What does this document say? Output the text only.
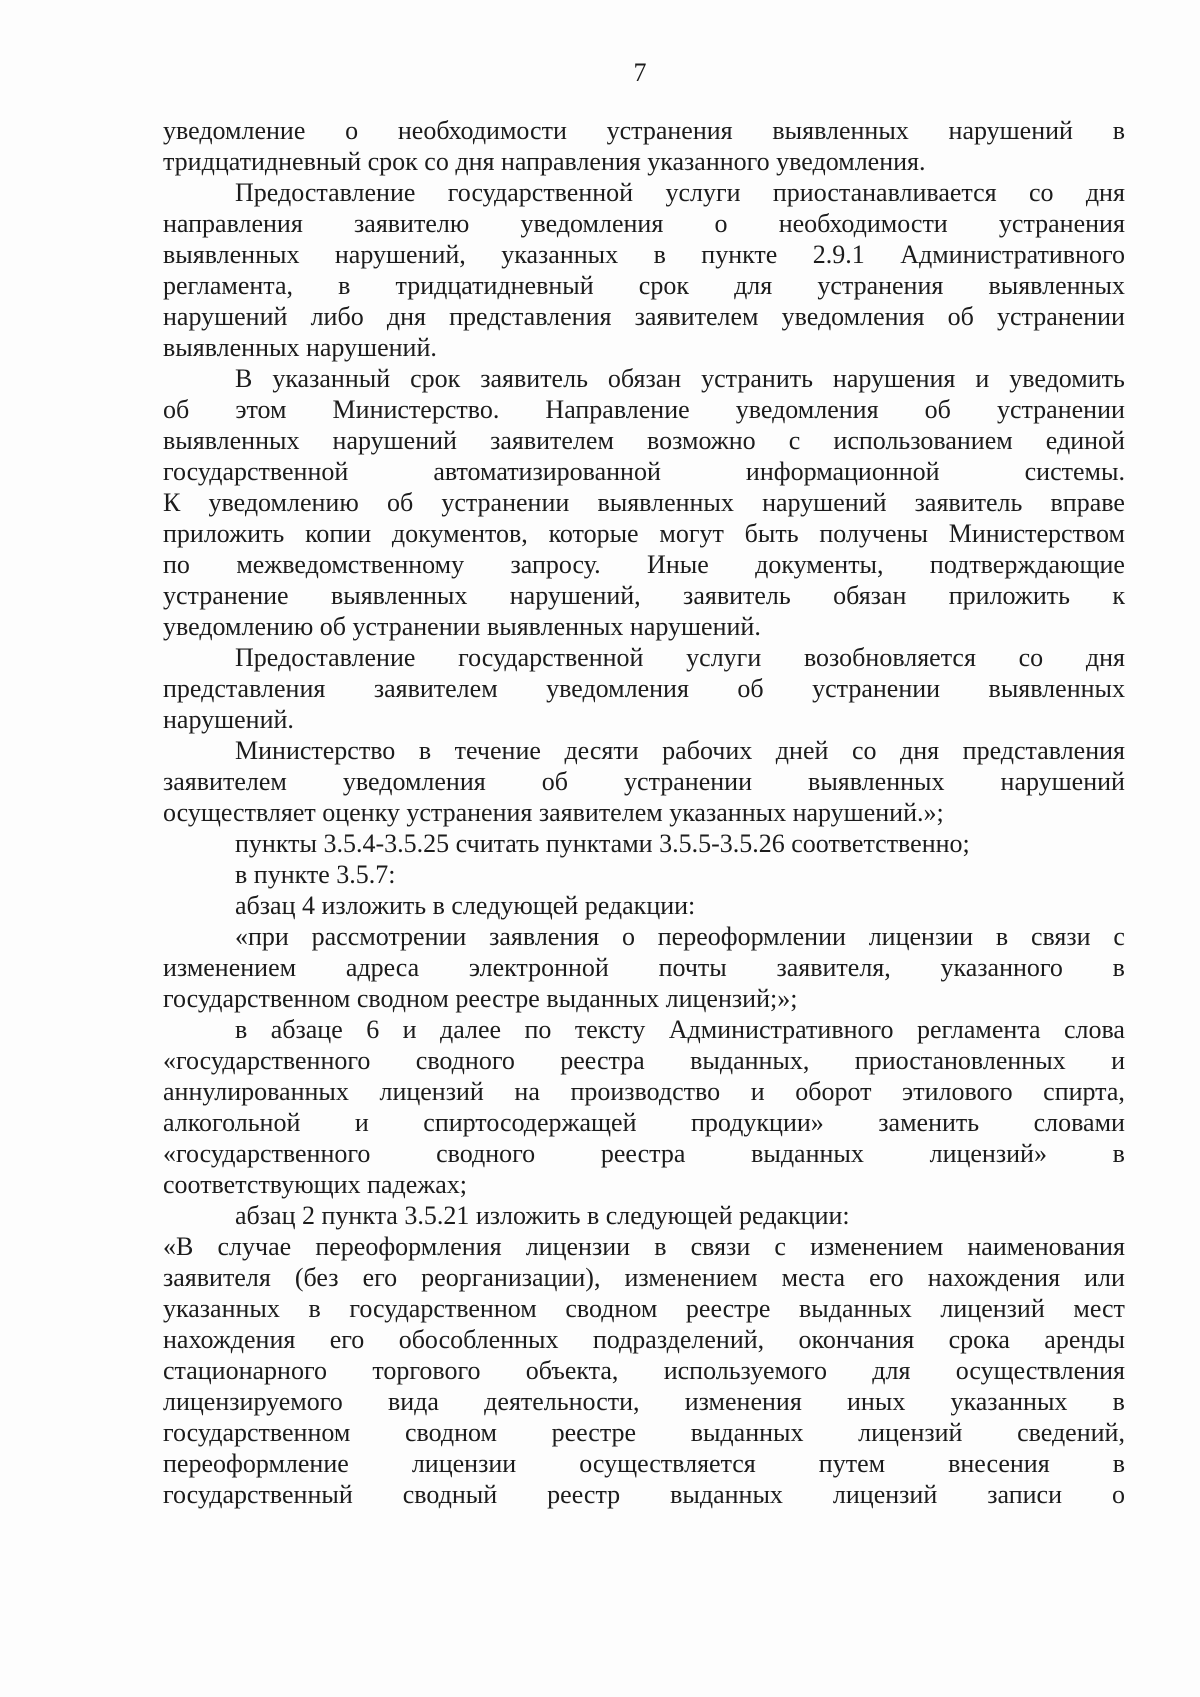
7
уведомление о необходимости устранения выявленных нарушений в
тридцатидневный срок со дня направления указанного уведомления.
Предоставление государственной услуги приостанавливается со дня
направления заявителю уведомления о необходимости устранения
выявленных нарушений, указанных в пункте 2.9.1 Административного
регламента, в тридцатидневный срок для устранения выявленных
нарушений либо дня представления заявителем уведомления об устранении
выявленных нарушений.
В указанный срок заявитель обязан устранить нарушения и уведомить
об этом Министерство. Направление уведомления об устранении
выявленных нарушений заявителем возможно с использованием единой
государственной	автоматизированной	информационной	системы.
К уведомлению об устранении выявленных нарушений заявитель вправе
приложить копии документов, которые могут быть получены Министерством
по межведомственному запросу. Иные документы, подтверждающие
устранение выявленных нарушений, заявитель обязан приложить к
уведомлению об устранении выявленных нарушений.
Предоставление государственной услуги возобновляется со дня
представления заявителем уведомления об устранении выявленных
нарушений.
Министерство в течение десяти рабочих дней со дня представления
заявителем уведомления об устранении выявленных нарушений
осуществляет оценку устранения заявителем указанных нарушений.»;
пункты 3.5.4-3.5.25 считать пунктами 3.5.5-3.5.26 соответственно;
в пункте 3.5.7:
абзац 4 изложить в следующей редакции:
«при рассмотрении заявления о переоформлении лицензии в связи с
изменением адреса электронной почты заявителя, указанного в
государственном сводном реестре выданных лицензий;»;
в абзаце 6 и далее по тексту Административного регламента слова
«государственного сводного реестра выданных, приостановленных и
аннулированных лицензий на производство и оборот этилового спирта,
алкогольной и спиртосодержащей продукции» заменить словами
«государственного	сводного	реестра	выданных	лицензий»	в
соответствующих падежах;
абзац 2 пункта 3.5.21 изложить в следующей редакции:
«В случае переоформления лицензии в связи с изменением наименования
заявителя (без его реорганизации), изменением места его нахождения или
указанных в государственном сводном реестре выданных лицензий мест
нахождения его обособленных подразделений, окончания срока аренды
стационарного торгового объекта, используемого для осуществления
лицензируемого вида деятельности, изменения иных указанных в
государственном сводном реестре выданных лицензий сведений,
переоформление лицензии осуществляется путем внесения в
государственный сводный реестр выданных лицензий записи о
